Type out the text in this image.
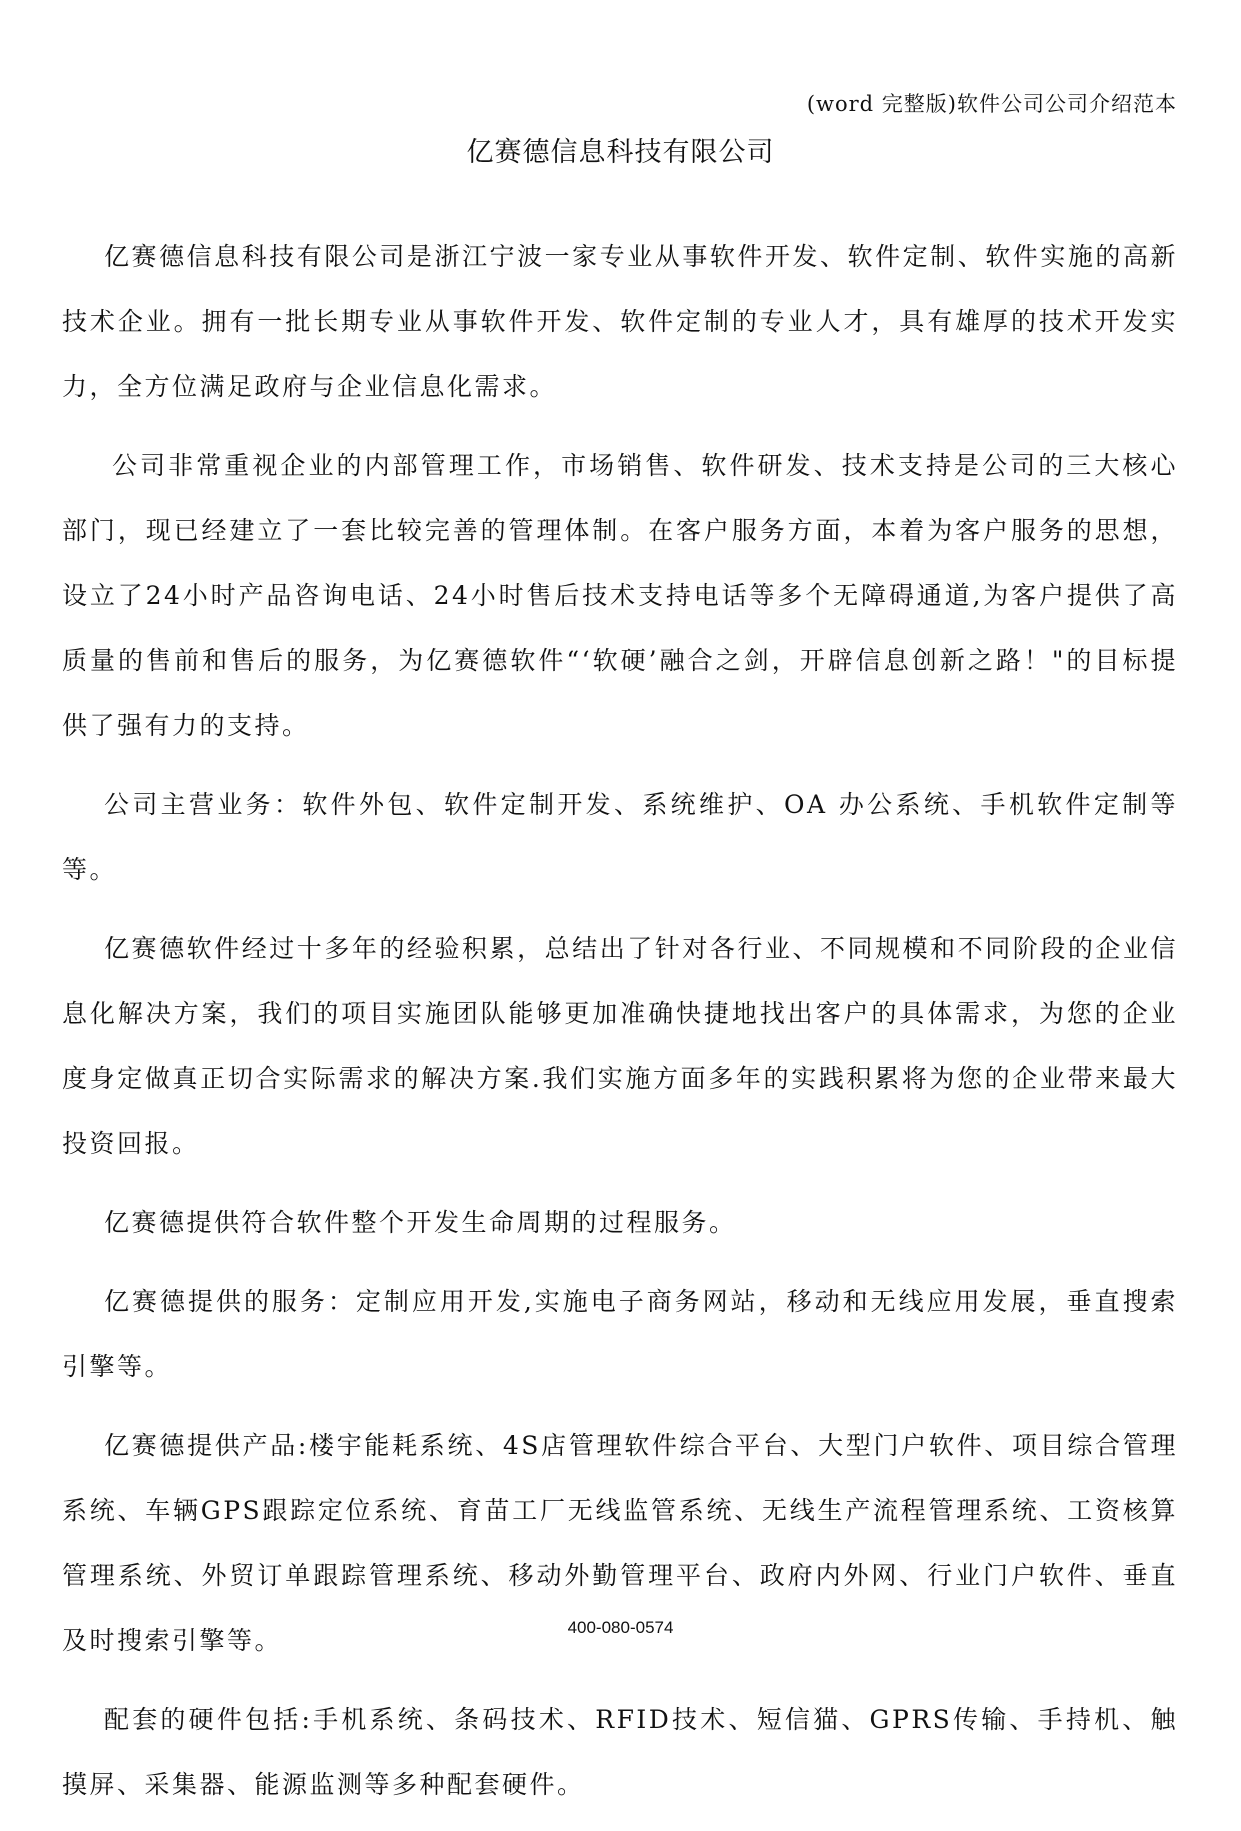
(word 完整版)软件公司公司介绍范本
亿赛德信息科技有限公司

亿赛德信息科技有限公司是浙江宁波一家专业从事软件开发、软件定制、软件实施的高新技术企业。拥有一批长期专业从事软件开发、软件定制的专业人才，具有雄厚的技术开发实力，全方位满足政府与企业信息化需求。

公司非常重视企业的内部管理工作，市场销售、软件研发、技术支持是公司的三大核心部门，现已经建立了一套比较完善的管理体制。在客户服务方面，本着为客户服务的思想，设立了24小时产品咨询电话、24小时售后技术支持电话等多个无障碍通道,为客户提供了高质量的售前和售后的服务，为亿赛德软件“‘软硬’融合之剑，开辟信息创新之路！"的目标提供了强有力的支持。

公司主营业务：软件外包、软件定制开发、系统维护、OA 办公系统、手机软件定制等等。

亿赛德软件经过十多年的经验积累，总结出了针对各行业、不同规模和不同阶段的企业信息化解决方案，我们的项目实施团队能够更加准确快捷地找出客户的具体需求，为您的企业度身定做真正切合实际需求的解决方案.我们实施方面多年的实践积累将为您的企业带来最大投资回报。

亿赛德提供符合软件整个开发生命周期的过程服务。

亿赛德提供的服务：定制应用开发,实施电子商务网站，移动和无线应用发展，垂直搜索引擎等。

亿赛德提供产品:楼宇能耗系统、4S店管理软件综合平台、大型门户软件、项目综合管理系统、车辆GPS跟踪定位系统、育苗工厂无线监管系统、无线生产流程管理系统、工资核算管理系统、外贸订单跟踪管理系统、移动外勤管理平台、政府内外网、行业门户软件、垂直及时搜索引擎等。

配套的硬件包括:手机系统、条码技术、RFID技术、短信猫、GPRS传输、手持机、触摸屏、采集器、能源监测等多种配套硬件。

400-080-0574
